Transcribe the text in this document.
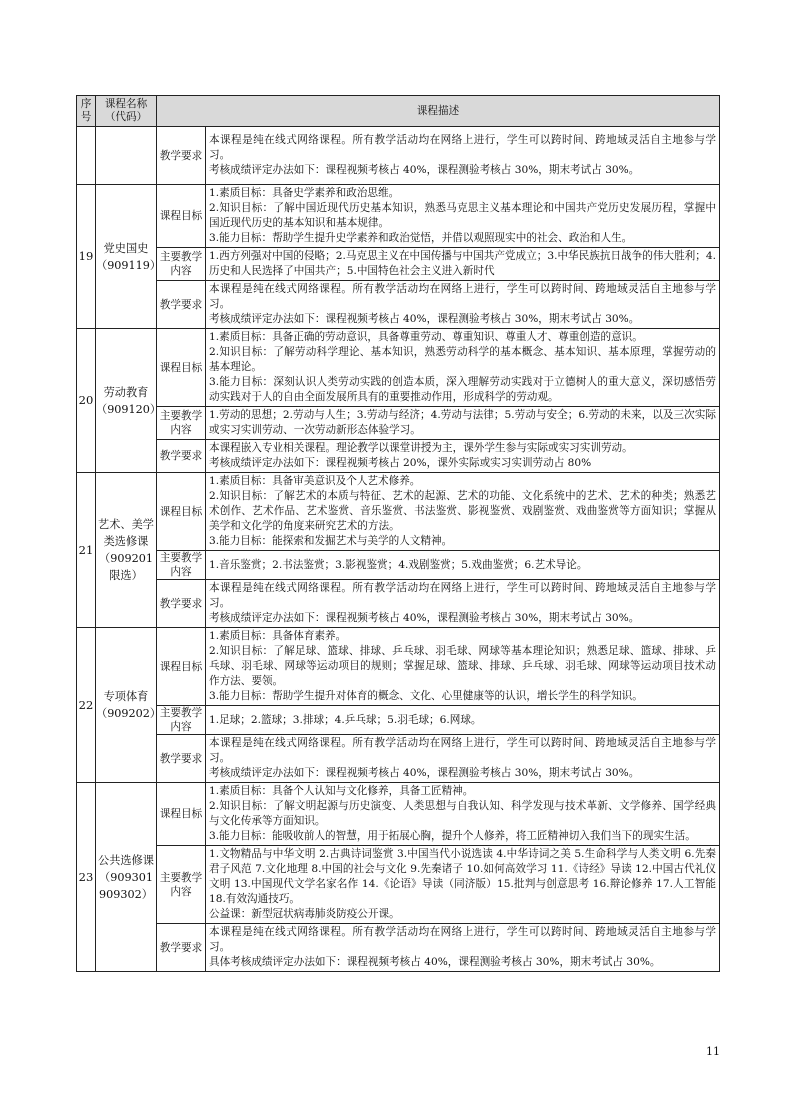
序号	课程名称（代码）	课程描述	
		教学要求	本课程是纯在线式网络课程。所有教学活动均在网络上进行，学生可以跨时间、跨地域灵活自主地参与学习。
考核成绩评定办法如下：课程视频考核占 40%，课程测验考核占 30%，期末考试占 30%。

19	党史国史（909119）	课程目标	1.素质目标：具备史学素养和政治思维。
2.知识目标：了解中国近现代历史基本知识，熟悉马克思主义基本理论和中国共产党历史发展历程，掌握中国近现代历史的基本知识和基本规律。
3.能力目标：帮助学生提升史学素养和政治觉悟，并借以观照现实中的社会、政治和人生。

		主要教学内容	1.西方列强对中国的侵略；2.马克思主义在中国传播与中国共产党成立；3.中华民族抗日战争的伟大胜利；4.历史和人民选择了中国共产；5.中国特色社会主义进入新时代

		教学要求	本课程是纯在线式网络课程。所有教学活动均在网络上进行，学生可以跨时间、跨地域灵活自主地参与学习。
考核成绩评定办法如下：课程视频考核占 40%，课程测验考核占 30%，期末考试占 30%。

20	劳动教育（909120）	课程目标	1.素质目标：具备正确的劳动意识，具备尊重劳动、尊重知识、尊重人才、尊重创造的意识。
2.知识目标：了解劳动科学理论、基本知识，熟悉劳动科学的基本概念、基本知识、基本原理，掌握劳动的基本理论。
3.能力目标：深刻认识人类劳动实践的创造本质，深入理解劳动实践对于立德树人的重大意义，深切感悟劳动实践对于人的自由全面发展所具有的重要推动作用，形成科学的劳动观。

		主要教学内容	1.劳动的思想；2.劳动与人生；3.劳动与经济；4.劳动与法律；5.劳动与安全；6.劳动的未来，以及三次实际或实习实训劳动、一次劳动新形态体验学习。

		教学要求	本课程嵌入专业相关课程。理论教学以课堂讲授为主，课外学生参与实际或实习实训劳动。
考核成绩评定办法如下：课程视频考核占 20%，课外实际或实习实训劳动占 80%

21	艺术、美学类选修课（909201限选）	课程目标	1.素质目标：具备审美意识及个人艺术修养。
2.知识目标：了解艺术的本质与特征、艺术的起源、艺术的功能、文化系统中的艺术、艺术的种类；熟悉艺术创作、艺术作品、艺术鉴赏、音乐鉴赏、书法鉴赏、影视鉴赏、戏剧鉴赏、戏曲鉴赏等方面知识；掌握从美学和文化学的角度来研究艺术的方法。
3.能力目标：能探索和发掘艺术与美学的人文精神。

		主要教学内容	1.音乐鉴赏；2.书法鉴赏；3.影视鉴赏；4.戏剧鉴赏；5.戏曲鉴赏；6.艺术导论。

		教学要求	本课程是纯在线式网络课程。所有教学活动均在网络上进行，学生可以跨时间、跨地域灵活自主地参与学习。
考核成绩评定办法如下：课程视频考核占 40%，课程测验考核占 30%，期末考试占 30%。

22	专项体育（909202）	课程目标	1.素质目标：具备体育素养。
2.知识目标：了解足球、篮球、排球、乒乓球、羽毛球、网球等基本理论知识；熟悉足球、篮球、排球、乒乓球、羽毛球、网球等运动项目的规则；掌握足球、篮球、排球、乒乓球、羽毛球、网球等运动项目技术动作方法、要领。
3.能力目标：帮助学生提升对体育的概念、文化、心里健康等的认识，增长学生的科学知识。

		主要教学内容	1.足球；2.篮球；3.排球；4.乒乓球；5.羽毛球；6.网球。

		教学要求	本课程是纯在线式网络课程。所有教学活动均在网络上进行，学生可以跨时间、跨地域灵活自主地参与学习。
考核成绩评定办法如下：课程视频考核占 40%，课程测验考核占 30%，期末考试占 30%。

23	公共选修课（909301 909302）	课程目标	1.素质目标：具备个人认知与文化修养，具备工匠精神。
2.知识目标：了解文明起源与历史演变、人类思想与自我认知、科学发现与技术革新、文学修养、国学经典与文化传承等方面知识。
3.能力目标：能吸收前人的智慧，用于拓展心胸，提升个人修养，将工匠精神切入我们当下的现实生活。

		主要教学内容	1.文物精品与中华文明 2.古典诗词鉴赏 3.中国当代小说选读 4.中华诗词之美 5.生命科学与人类文明 6.先秦君子风范 7.文化地理 8.中国的社会与文化 9.先秦诸子 10.如何高效学习 11.《诗经》导读 12.中国古代礼仪文明 13.中国现代文学名家名作 14.《论语》导读（同济版）15.批判与创意思考 16.辩论修养 17.人工智能 18.有效沟通技巧。
公益课：新型冠状病毒肺炎防疫公开课。

		教学要求	本课程是纯在线式网络课程。所有教学活动均在网络上进行，学生可以跨时间、跨地域灵活自主地参与学习。
具体考核成绩评定办法如下：课程视频考核占 40%，课程测验考核占 30%，期末考试占 30%。
11
